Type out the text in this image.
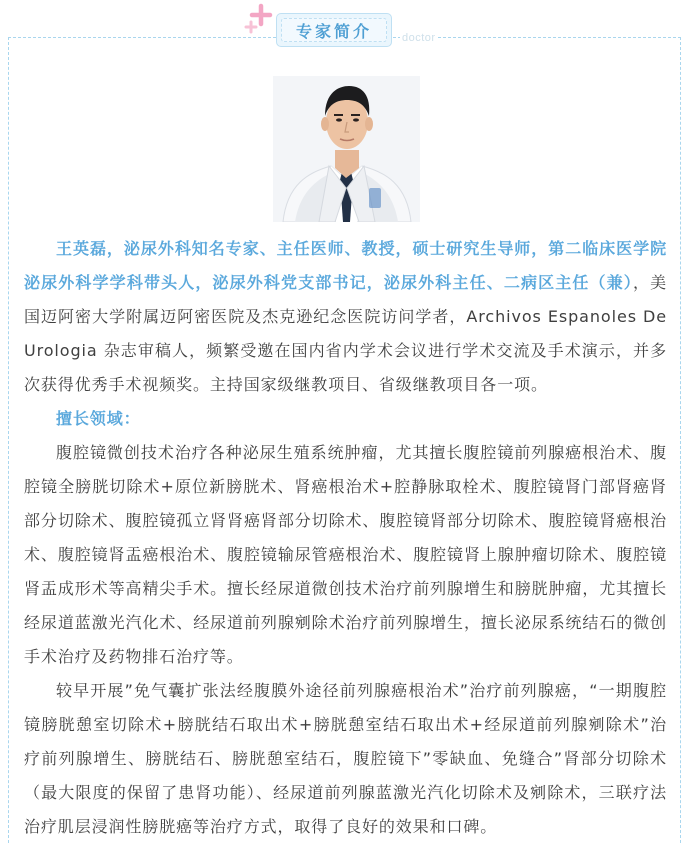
专家简介	doctor

王英磊，泌尿外科知名专家、主任医师、教授，硕士研究生导师，第二临床医学院泌尿外科学学科带头人，泌尿外科党支部书记，泌尿外科主任、二病区主任（兼），美国迈阿密大学附属迈阿密医院及杰克逊纪念医院访问学者，Archivos Espanoles De Urologia 杂志审稿人，频繁受邀在国内省内学术会议进行学术交流及手术演示，并多次获得优秀手术视频奖。主持国家级继教项目、省级继教项目各一项。

擅长领域：

腹腔镜微创技术治疗各种泌尿生殖系统肿瘤，尤其擅长腹腔镜前列腺癌根治术、腹腔镜全膀胱切除术+原位新膀胱术、肾癌根治术+腔静脉取栓术、腹腔镜肾门部肾癌肾部分切除术、腹腔镜孤立肾肾癌肾部分切除术、腹腔镜肾部分切除术、腹腔镜肾癌根治术、腹腔镜肾盂癌根治术、腹腔镜输尿管癌根治术、腹腔镜肾上腺肿瘤切除术、腹腔镜肾盂成形术等高精尖手术。擅长经尿道微创技术治疗前列腺增生和膀胱肿瘤，尤其擅长经尿道蓝激光汽化术、经尿道前列腺剜除术治疗前列腺增生，擅长泌尿系统结石的微创手术治疗及药物排石治疗等。

较早开展”免气囊扩张法经腹膜外途径前列腺癌根治术”治疗前列腺癌，“一期腹腔镜膀胱憩室切除术+膀胱结石取出术+膀胱憩室结石取出术+经尿道前列腺剜除术”治疗前列腺增生、膀胱结石、膀胱憩室结石，腹腔镜下”零缺血、免缝合”肾部分切除术（最大限度的保留了患肾功能）、经尿道前列腺蓝激光汽化切除术及剜除术，三联疗法治疗肌层浸润性膀胱癌等治疗方式，取得了良好的效果和口碑。
